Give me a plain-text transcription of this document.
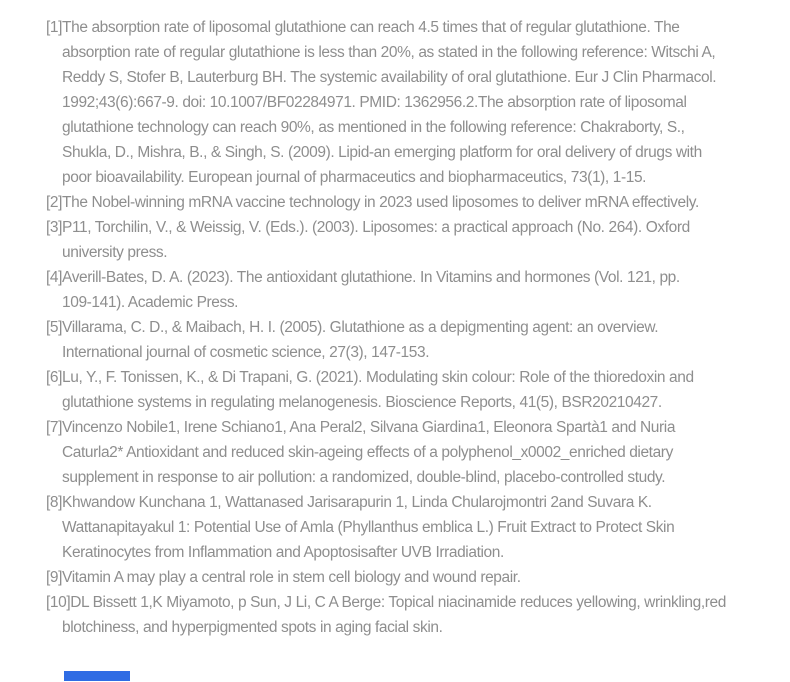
[1]The absorption rate of liposomal glutathione can reach 4.5 times that of regular glutathione. The
absorption rate of regular glutathione is less than 20%, as stated in the following reference: Witschi A,
Reddy S, Stofer B, Lauterburg BH. The systemic availability of oral glutathione. Eur J Clin Pharmacol.
1992;43(6):667-9. doi: 10.1007/BF02284971. PMID: 1362956.2.The absorption rate of liposomal
glutathione technology can reach 90%, as mentioned in the following reference: Chakraborty, S.,
Shukla, D., Mishra, B., & Singh, S. (2009). Lipid-an emerging platform for oral delivery of drugs with
poor bioavailability. European journal of pharmaceutics and biopharmaceutics, 73(1), 1-15.

[2]The Nobel-winning mRNA vaccine technology in 2023 used liposomes to deliver mRNA effectively.

[3]P11, Torchilin, V., & Weissig, V. (Eds.). (2003). Liposomes: a practical approach (No. 264). Oxford
university press.

[4]Averill-Bates, D. A. (2023). The antioxidant glutathione. In Vitamins and hormones (Vol. 121, pp.
109-141). Academic Press.

[5]Villarama, C. D., & Maibach, H. I. (2005). Glutathione as a depigmenting agent: an overview.
International journal of cosmetic science, 27(3), 147-153.

[6]Lu, Y., F. Tonissen, K., & Di Trapani, G. (2021). Modulating skin colour: Role of the thioredoxin and
glutathione systems in regulating melanogenesis. Bioscience Reports, 41(5), BSR20210427.

[7]Vincenzo Nobile1, Irene Schiano1, Ana Peral2, Silvana Giardina1, Eleonora Spartà1 and Nuria
Caturla2* Antioxidant and reduced skin-ageing effects of a polyphenol_x0002_enriched dietary
supplement in response to air pollution: a randomized, double-blind, placebo-controlled study.

[8]Khwandow Kunchana 1, Wattanased Jarisarapurin 1, Linda Chularojmontri 2and Suvara K.
Wattanapitayakul 1: Potential Use of Amla (Phyllanthus emblica L.) Fruit Extract to Protect Skin
Keratinocytes from Inflammation and Apoptosisafter UVB Irradiation.

[9]Vitamin A may play a central role in stem cell biology and wound repair.

[10]DL Bissett 1,K Miyamoto, p Sun, J Li, C A Berge: Topical niacinamide reduces yellowing, wrinkling,red
blotchiness, and hyperpigmented spots in aging facial skin.
